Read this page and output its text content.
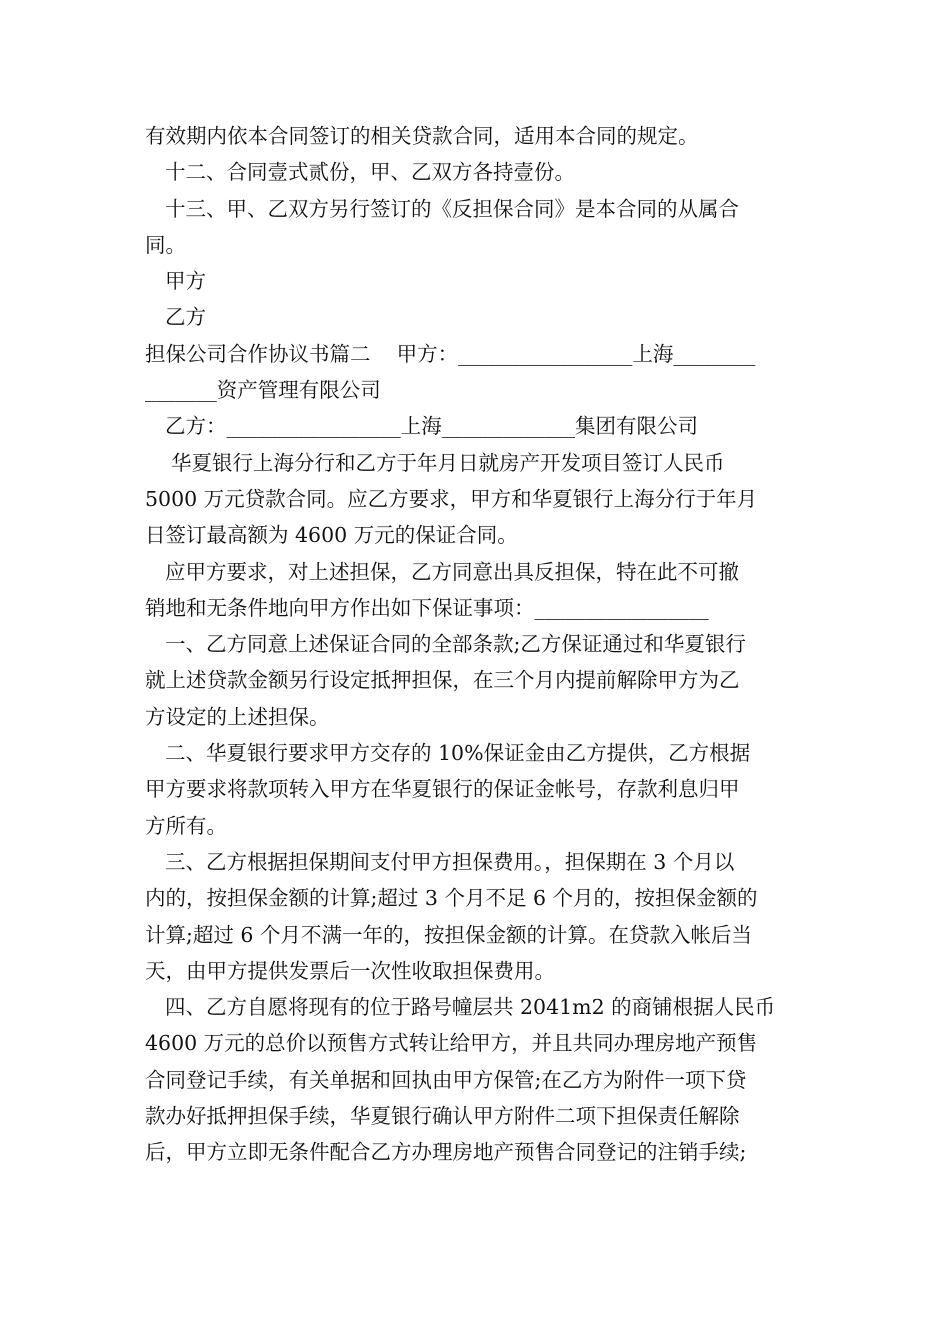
有效期内依本合同签订的相关贷款合同，适用本合同的规定。
十二、合同壹式贰份，甲、乙双方各持壹份。
十三、甲、乙双方另行签订的《反担保合同》是本合同的从属合
同。
甲方
乙方
担保公司合作协议书篇二    甲方：_________________上海________
_______资产管理有限公司
乙方：_________________上海_____________集团有限公司
华夏银行上海分行和乙方于年月日就房产开发项目签订人民币
5000 万元贷款合同。应乙方要求，甲方和华夏银行上海分行于年月
日签订最高额为 4600 万元的保证合同。
应甲方要求，对上述担保，乙方同意出具反担保，特在此不可撤
销地和无条件地向甲方作出如下保证事项：_________________
一、乙方同意上述保证合同的全部条款;乙方保证通过和华夏银行
就上述贷款金额另行设定抵押担保，在三个月内提前解除甲方为乙
方设定的上述担保。
二、华夏银行要求甲方交存的 10%保证金由乙方提供，乙方根据
甲方要求将款项转入甲方在华夏银行的保证金帐号，存款利息归甲
方所有。
三、乙方根据担保期间支付甲方担保费用。，担保期在 3 个月以
内的，按担保金额的计算;超过 3 个月不足 6 个月的，按担保金额的
计算;超过 6 个月不满一年的，按担保金额的计算。在贷款入帐后当
天，由甲方提供发票后一次性收取担保费用。
四、乙方自愿将现有的位于路号幢层共 2041m2 的商铺根据人民币
4600 万元的总价以预售方式转让给甲方，并且共同办理房地产预售
合同登记手续，有关单据和回执由甲方保管;在乙方为附件一项下贷
款办好抵押担保手续，华夏银行确认甲方附件二项下担保责任解除
后，甲方立即无条件配合乙方办理房地产预售合同登记的注销手续;
